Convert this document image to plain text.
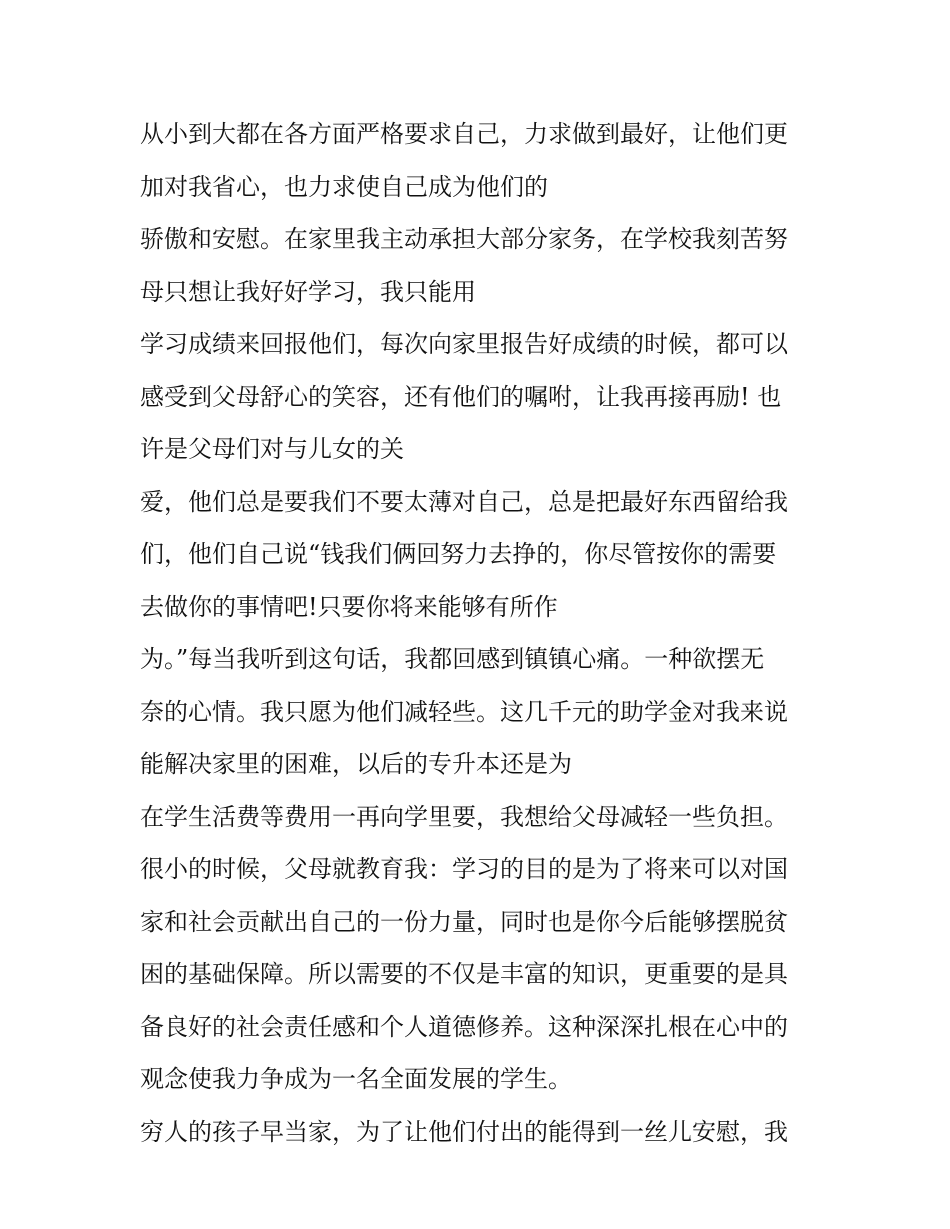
从小到大都在各方面严格要求自己，力求做到最好，让他们更
加对我省心，也力求使自己成为他们的
骄傲和安慰。在家里我主动承担大部分家务，在学校我刻苦努
母只想让我好好学习，我只能用
学习成绩来回报他们，每次向家里报告好成绩的时候，都可以
感受到父母舒心的笑容，还有他们的嘱咐，让我再接再励! 也
许是父母们对与儿女的关
爱，他们总是要我们不要太薄对自己，总是把最好东西留给我
们，他们自己说“钱我们俩回努力去挣的，你尽管按你的需要
去做你的事情吧!只要你将来能够有所作
为。”每当我听到这句话，我都回感到镇镇心痛。一种欲摆无
奈的心情。我只愿为他们减轻些。这几千元的助学金对我来说
能解决家里的困难，以后的专升本还是为
在学生活费等费用一再向学里要，我想给父母减轻一些负担。
很小的时候，父母就教育我：学习的目的是为了将来可以对国
家和社会贡献出自己的一份力量，同时也是你今后能够摆脱贫
困的基础保障。所以需要的不仅是丰富的知识，更重要的是具
备良好的社会责任感和个人道德修养。这种深深扎根在心中的
观念使我力争成为一名全面发展的学生。
穷人的孩子早当家，为了让他们付出的能得到一丝儿安慰，我
